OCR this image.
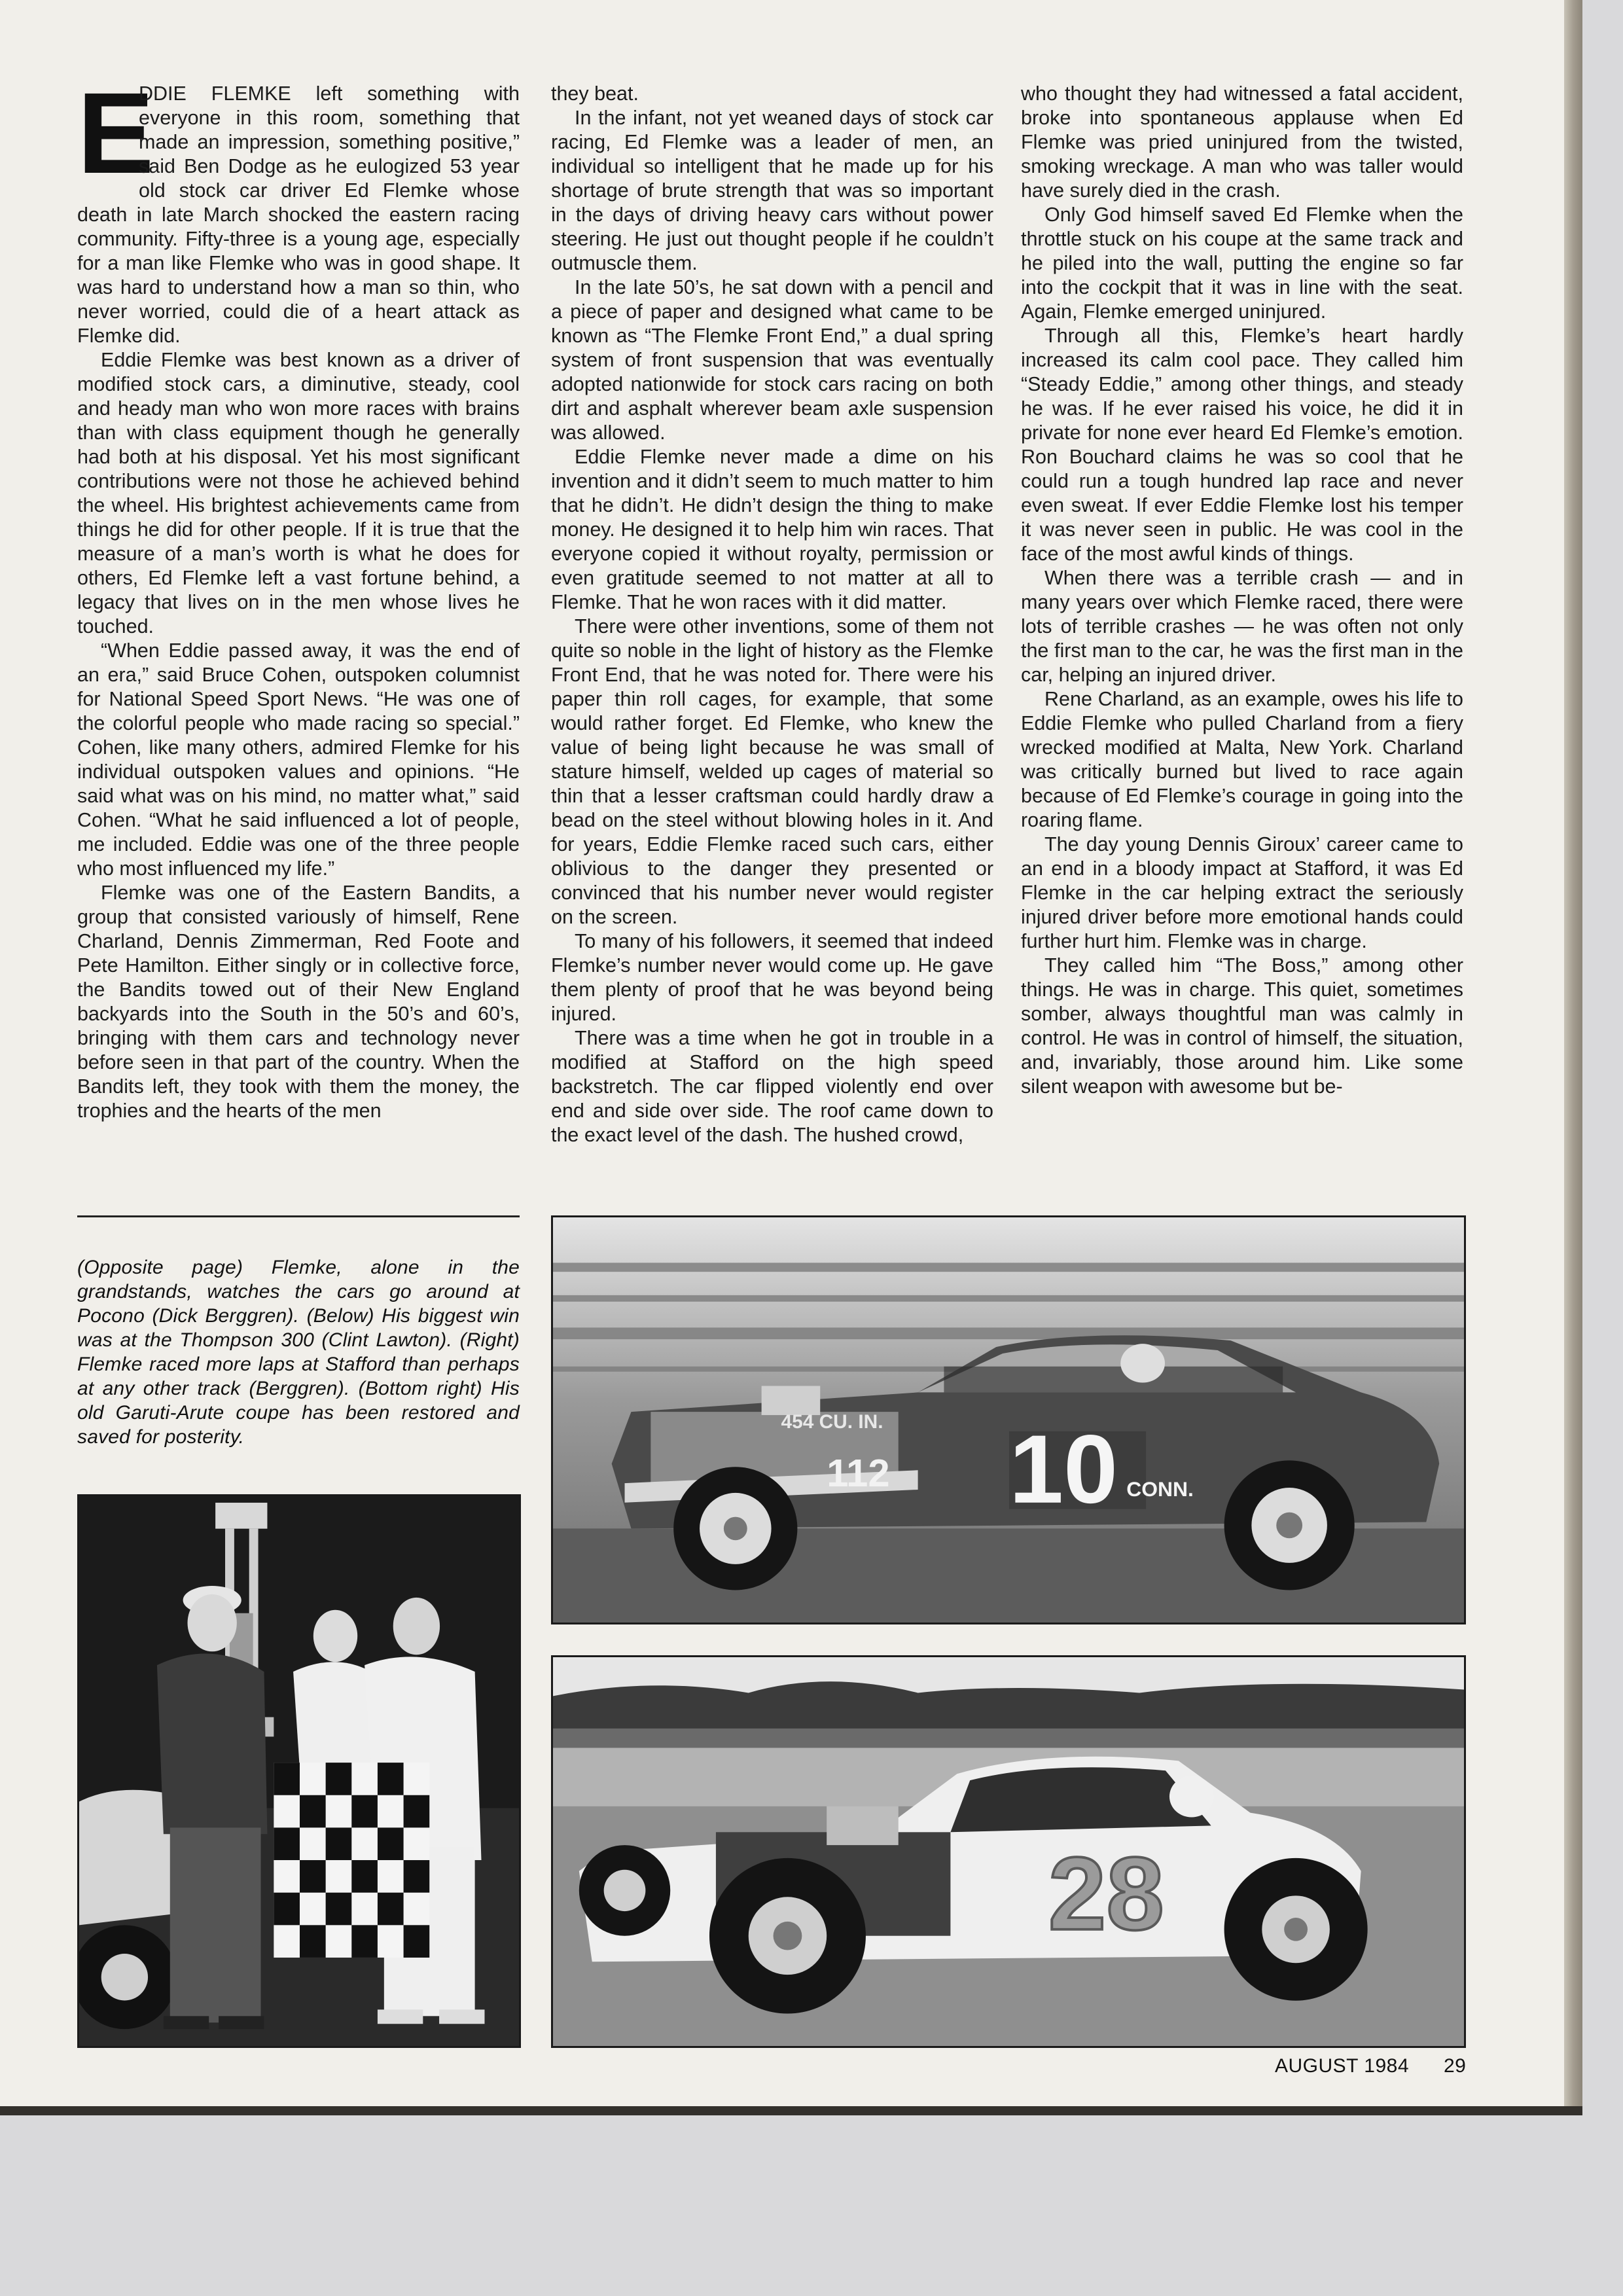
E
DDIE FLEMKE left something with everyone in this room, something that made an impression, something positive,” said Ben Dodge as he eulogized 53 year old stock car driver Ed Flemke whose death in late March shocked the eastern racing community. Fifty-three is a young age, especially for a man like Flemke who was in good shape. It was hard to understand how a man so thin, who never worried, could die of a heart attack as Flemke did.

Eddie Flemke was best known as a driver of modified stock cars, a diminutive, steady, cool and heady man who won more races with brains than with class equipment though he generally had both at his disposal. Yet his most significant contributions were not those he achieved behind the wheel. His brightest achievements came from things he did for other people. If it is true that the measure of a man’s worth is what he does for others, Ed Flemke left a vast fortune behind, a legacy that lives on in the men whose lives he touched.

“When Eddie passed away, it was the end of an era,” said Bruce Cohen, outspoken columnist for National Speed Sport News. “He was one of the colorful people who made racing so special.” Cohen, like many others, admired Flemke for his individual outspoken values and opinions. “He said what was on his mind, no matter what,” said Cohen. “What he said influenced a lot of people, me included. Eddie was one of the three people who most influenced my life.”

Flemke was one of the Eastern Bandits, a group that consisted variously of himself, Rene Charland, Dennis Zimmerman, Red Foote and Pete Hamilton. Either singly or in collective force, the Bandits towed out of their New England backyards into the South in the 50’s and 60’s, bringing with them cars and technology never before seen in that part of the country. When the Bandits left, they took with them the money, the trophies and the hearts of the men

they beat.

In the infant, not yet weaned days of stock car racing, Ed Flemke was a leader of men, an individual so intelligent that he made up for his shortage of brute strength that was so important in the days of driving heavy cars without power steering. He just out thought people if he couldn’t outmuscle them.

In the late 50’s, he sat down with a pencil and a piece of paper and designed what came to be known as “The Flemke Front End,” a dual spring system of front suspension that was eventually adopted nationwide for stock cars racing on both dirt and asphalt wherever beam axle suspension was allowed.

Eddie Flemke never made a dime on his invention and it didn’t seem to much matter to him that he didn’t. He didn’t design the thing to make money. He designed it to help him win races. That everyone copied it without royalty, permission or even gratitude seemed to not matter at all to Flemke. That he won races with it did matter.

There were other inventions, some of them not quite so noble in the light of history as the Flemke Front End, that he was noted for. There were his paper thin roll cages, for example, that some would rather forget. Ed Flemke, who knew the value of being light because he was small of stature himself, welded up cages of material so thin that a lesser craftsman could hardly draw a bead on the steel without blowing holes in it. And for years, Eddie Flemke raced such cars, either oblivious to the danger they presented or convinced that his number never would register on the screen.

To many of his followers, it seemed that indeed Flemke’s number never would come up. He gave them plenty of proof that he was beyond being injured.

There was a time when he got in trouble in a modified at Stafford on the high speed backstretch. The car flipped violently end over end and side over side. The roof came down to the exact level of the dash. The hushed crowd,

who thought they had witnessed a fatal accident, broke into spontaneous applause when Ed Flemke was pried uninjured from the twisted, smoking wreckage. A man who was taller would have surely died in the crash.

Only God himself saved Ed Flemke when the throttle stuck on his coupe at the same track and he piled into the wall, putting the engine so far into the cockpit that it was in line with the seat. Again, Flemke emerged uninjured.

Through all this, Flemke’s heart hardly increased its calm cool pace. They called him “Steady Eddie,” among other things, and steady he was. If he ever raised his voice, he did it in private for none ever heard Ed Flemke’s emotion. Ron Bouchard claims he was so cool that he could run a tough hundred lap race and never even sweat. If ever Eddie Flemke lost his temper it was never seen in public. He was cool in the face of the most awful kinds of things.

When there was a terrible crash — and in many years over which Flemke raced, there were lots of terrible crashes — he was often not only the first man to the car, he was the first man in the car, helping an injured driver.

Rene Charland, as an example, owes his life to Eddie Flemke who pulled Charland from a fiery wrecked modified at Malta, New York. Charland was critically burned but lived to race again because of Ed Flemke’s courage in going into the roaring flame.

The day young Dennis Giroux’ career came to an end in a bloody impact at Stafford, it was Ed Flemke in the car helping extract the seriously injured driver before more emotional hands could further hurt him. Flemke was in charge.

They called him “The Boss,” among other things. He was in charge. This quiet, sometimes somber, always thoughtful man was calmly in control. He was in control of himself, the situation, and, invariably, those around him. Like some silent weapon with awesome but be-

(Opposite page) Flemke, alone in the grandstands, watches the cars go around at Pocono (Dick Berggren). (Below) His biggest win was at the Thompson 300 (Clint Lawton). (Right) Flemke raced more laps at Stafford than perhaps at any other track (Berggren). (Bottom right) His old Garuti-Arute coupe has been restored and saved for posterity.
454 CU. IN.
112 10 CONN.
28
AUGUST 1984 29
